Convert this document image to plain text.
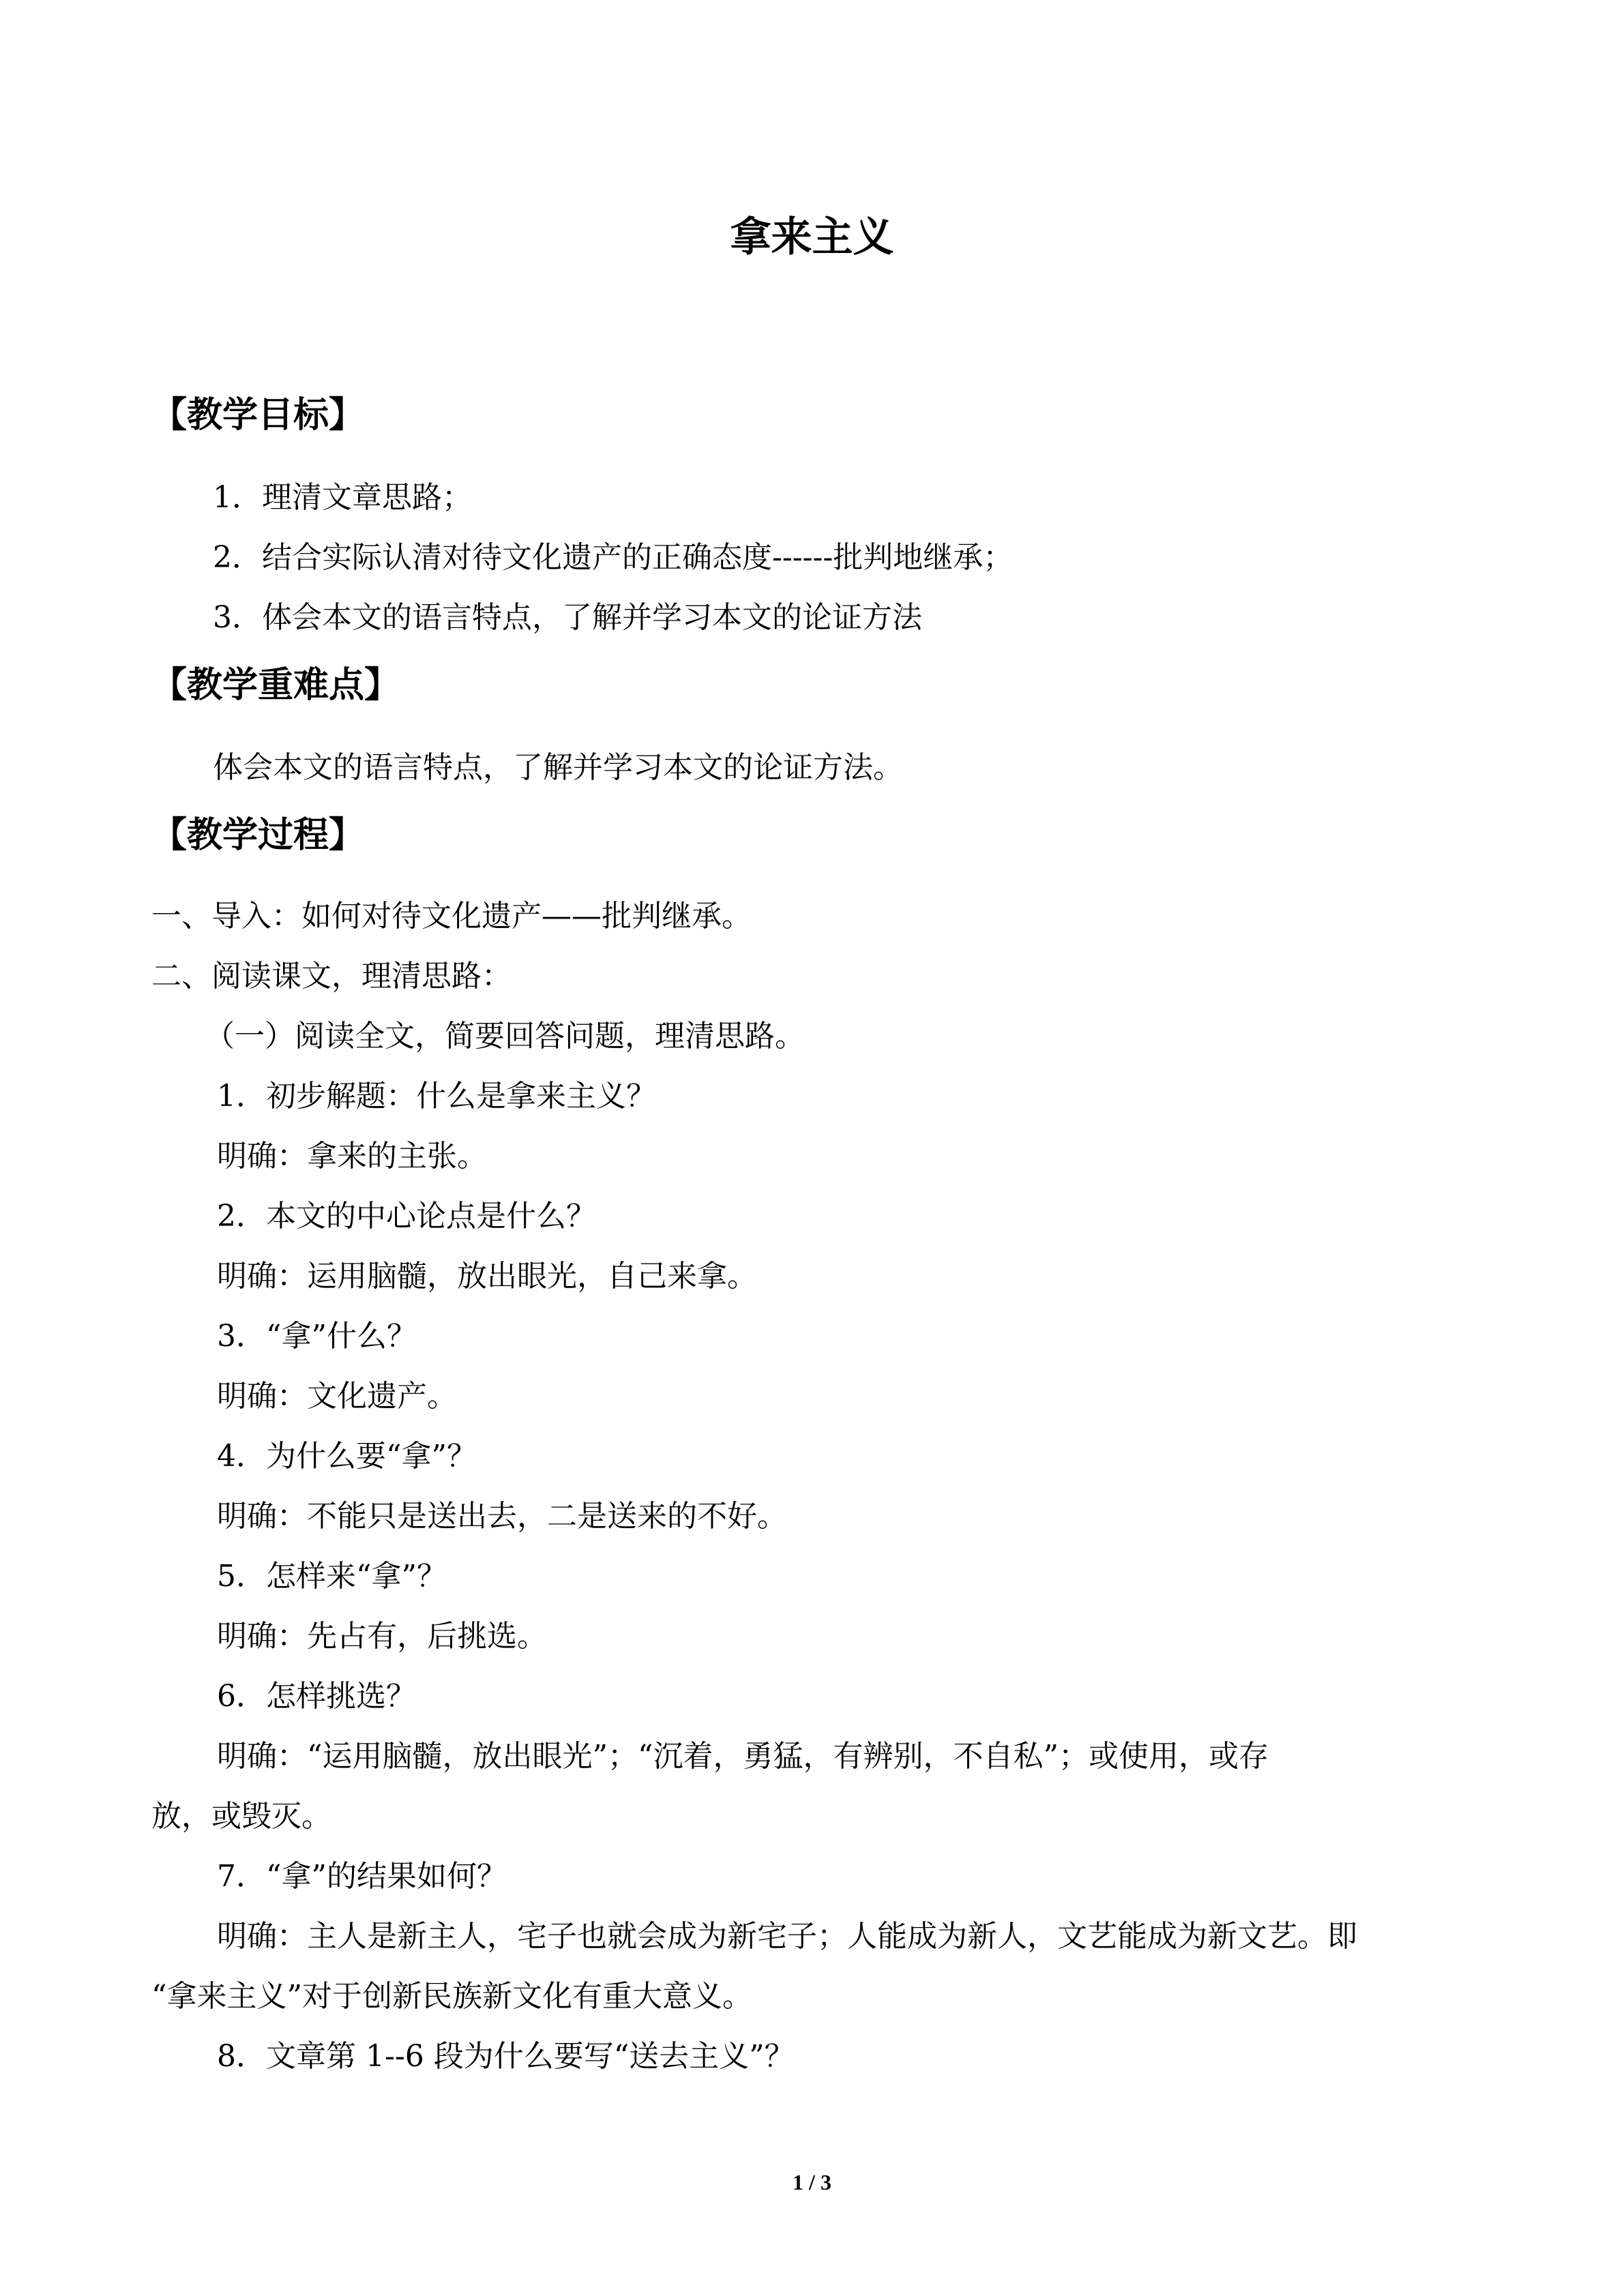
拿来主义
【教学目标】
1．理清文章思路；
2．结合实际认清对待文化遗产的正确态度------批判地继承；
3．体会本文的语言特点，了解并学习本文的论证方法
【教学重难点】
体会本文的语言特点，了解并学习本文的论证方法。
【教学过程】
一、导入：如何对待文化遗产——批判继承。
二、阅读课文，理清思路：
（一）阅读全文，简要回答问题，理清思路。
1．初步解题：什么是拿来主义？
明确：拿来的主张。
2．本文的中心论点是什么？
明确：运用脑髓，放出眼光，自己来拿。
3．“拿”什么？
明确：文化遗产。
4．为什么要“拿”？
明确：不能只是送出去，二是送来的不好。
5．怎样来“拿”？
明确：先占有，后挑选。
6．怎样挑选？
明确：“运用脑髓，放出眼光”；“沉着，勇猛，有辨别，不自私”；或使用，或存
放，或毁灭。
7．“拿”的结果如何？
明确：主人是新主人，宅子也就会成为新宅子；人能成为新人，文艺能成为新文艺。即
“拿来主义”对于创新民族新文化有重大意义。
8．文章第 1--6 段为什么要写“送去主义”？
1 / 3
